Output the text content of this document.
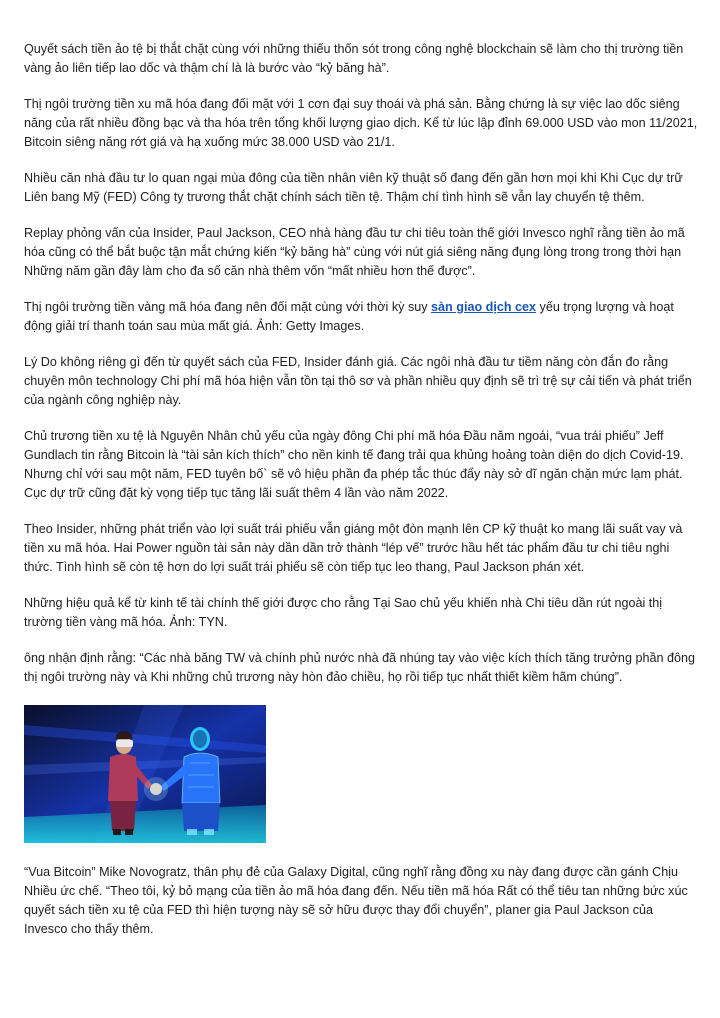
Quyết sách tiền ảo tệ bị thắt chặt cùng với những thiếu thốn sót trong công nghệ blockchain sẽ làm cho thị trường tiền vàng ảo liên tiếp lao dốc và thậm chí là là bước vào “kỷ băng hà”.

Thị ngôi trường tiền xu mã hóa đang đối mặt với 1 cơn đại suy thoái và phá sản. Bằng chứng là sự việc lao dốc siêng năng của rất nhiều đồng bạc và tha hóa trên tổng khối lượng giao dịch. Kể từ lúc lập đỉnh 69.000 USD vào mon 11/2021, Bitcoin siêng năng rớt giá và hạ xuống mức 38.000 USD vào 21/1.

Nhiều căn nhà đầu tư lo quan ngại mùa đông của tiền nhân viên kỹ thuật số đang đến gần hơn mọi khi Khi Cục dự trữ Liên bang Mỹ (FED) Công ty trương thắt chặt chính sách tiền tệ. Thậm chí tình hình sẽ vẫn lay chuyển tệ thêm.

Replay phỏng vấn của Insider, Paul Jackson, CEO nhà hàng đầu tư chi tiêu toàn thế giới Invesco nghĩ rằng tiền ảo mã hóa cũng có thể bắt buộc tận mắt chứng kiến “kỷ băng hà” cùng với nút giá siêng năng đụng lòng trong trong thời hạn Những năm gần đây làm cho đa số căn nhà thêm vốn “mất nhiều hơn thế được”.

Thị ngôi trường tiền vàng mã hóa đang nên đối mặt cùng với thời kỳ suy sàn giao dịch cex yếu trọng lượng và hoạt động giải trí thanh toán sau mùa mất giá. Ảnh: Getty Images.

Lý Do không riêng gì đến từ quyết sách của FED, Insider đánh giá. Các ngôi nhà đầu tư tiềm năng còn đắn đo rằng chuyên môn technology Chi phí mã hóa hiện vẫn tồn tại thô sơ và phần nhiều quy định sẽ trì trệ sự cải tiến và phát triển của ngành công nghiệp này.

Chủ trương tiền xu tệ là Nguyên Nhân chủ yếu của ngày đông Chi phí mã hóa Đầu năm ngoái, “vua trái phiếu” Jeff Gundlach tin rằng Bitcoin là “tài sản kích thích” cho nền kinh tế đang trải qua khủng hoảng toàn diện do dịch Covid-19. Nhưng chỉ với sau một năm, FED tuyên bố` sẽ vô hiệu phần đa phép tắc thúc đẩy này sở dĩ ngăn chặn mức lạm phát. Cục dự trữ cũng đặt kỳ vọng tiếp tục tăng lãi suất thêm 4 lần vào năm 2022.

Theo Insider, những phát triển vào lợi suất trái phiếu vẫn giáng một đòn mạnh lên CP kỹ thuật ko mang lãi suất vay và tiền xu mã hóa. Hai Power nguồn tài sản này dần dần trở thành “lép vế” trước hầu hết tác phẩm đầu tư chi tiêu nghi thức. Tình hình sẽ còn tệ hơn do lợi suất trái phiếu sẽ còn tiếp tục leo thang, Paul Jackson phán xét.

Những hiệu quả kể từ kinh tế tài chính thế giới được cho rằng Tại Sao chủ yếu khiến nhà Chi tiêu dần rút ngoài thị trường tiền vàng mã hóa. Ảnh: TYN.

ông nhận định rằng: “Các nhà băng TW và chính phủ nước nhà đã nhúng tay vào việc kích thích tăng trưởng phần đông thị ngôi trường này và Khi những chủ trương này hòn đảo chiều, họ rồi tiếp tục nhất thiết kiềm hãm chúng”.

“Vua Bitcoin” Mike Novogratz, thân phụ đẻ của Galaxy Digital, cũng nghĩ rằng đồng xu này đang được cần gánh Chịu Nhiều ức chế. “Theo tôi, kỷ bỏ mạng của tiền ảo mã hóa đang đến. Nếu tiền mã hóa Rất có thể tiêu tan những bức xúc quyết sách tiền xu tệ của FED thì hiện tượng này sẽ sở hữu được thay đổi chuyển”, planer gia Paul Jackson của Invesco cho thấy thêm.
